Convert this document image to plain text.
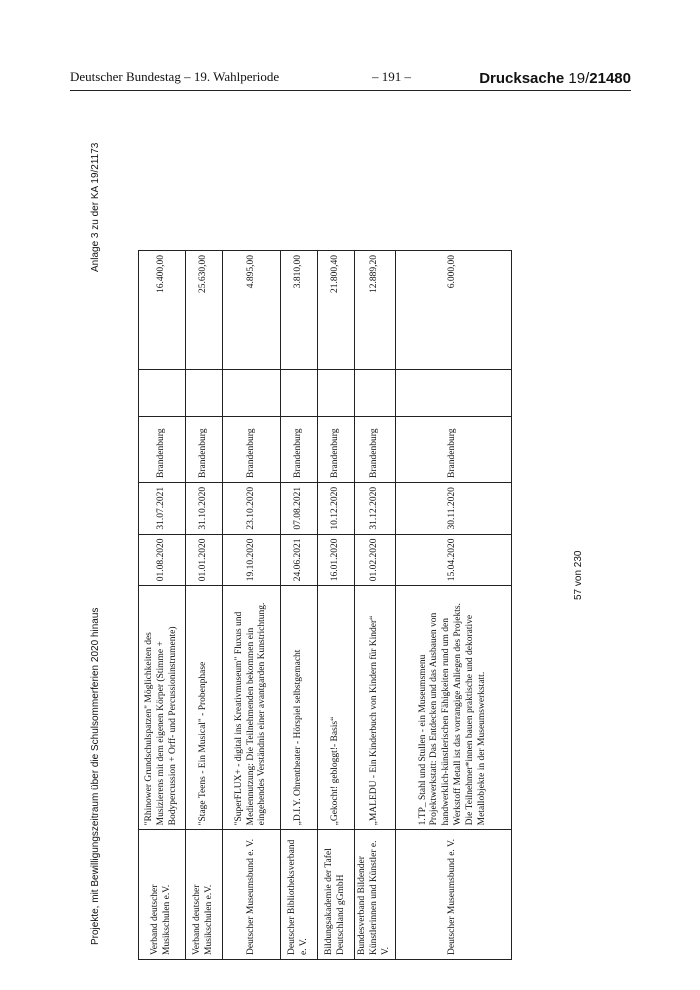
Deutscher Bundestag – 19. Wahlperiode	– 191 –	Drucksache 19/21480
Projekte, mit Bewilligungszeitraum über die Schulsommerferien 2020 hinaus
Anlage 3 zu der KA 19/21173
Verband deutscher Musikschulen e.V.	"Rhinower Grundschulspatzen" Möglichkeiten des Musizierens mit dem eigenen Körper (Stimme + Bodypercussion + Orff- und Percussioninstrumente)	01.08.2020	31.07.2021	Brandenburg		16.400,00
Verband deutscher Musikschulen e.V.	"Stage Teens - Ein Musical" - Probenphase	01.01.2020	31.10.2020	Brandenburg		25.630,00
Deutscher Museumsbund e. V.	"SuperFLUX+ - digital ins Kreativmuseum" Fluxus und Mediennutzung: Die Teilnehmenden bekommen ein eingehendes Verständnis einer avantgarden Kunstrichtung.	19.10.2020	23.10.2020	Brandenburg		4.895,00
Deutscher Bibliotheksverband e. V.	„D.I.Y. Ohrentheater - Hörspiel selbstgemacht	24.06.2021	07.08.2021	Brandenburg		3.810,00
Bildungsakademie der Tafel Deutschland gGmbH	„Gekocht! gebloggt!- Basis“	16.01.2020	10.12.2020	Brandenburg		21.800,40
Bundesverband Bildender Künstlerinnen und Künstler e. V.	„MALEDU - Ein Kinderbuch von Kindern für Kinder“	01.02.2020	31.12.2020	Brandenburg		12.889,20
Deutscher Museumsbund e. V.	1.TP_ Stahl und Stullen - ein Museumsmenu Projektwerkstatt: Das Entdecken und das Ausbauen von handwerklich-künstlerischen Fähigkeiten rund um den Werkstoff Metall ist das vorrangige Anliegen des Projekts. Die Teilnehmer*innen bauen praktische und dekorative Metallobjekte in der Museumswerkstatt.	15.04.2020	30.11.2020	Brandenburg		6.000,00
57 von 230
